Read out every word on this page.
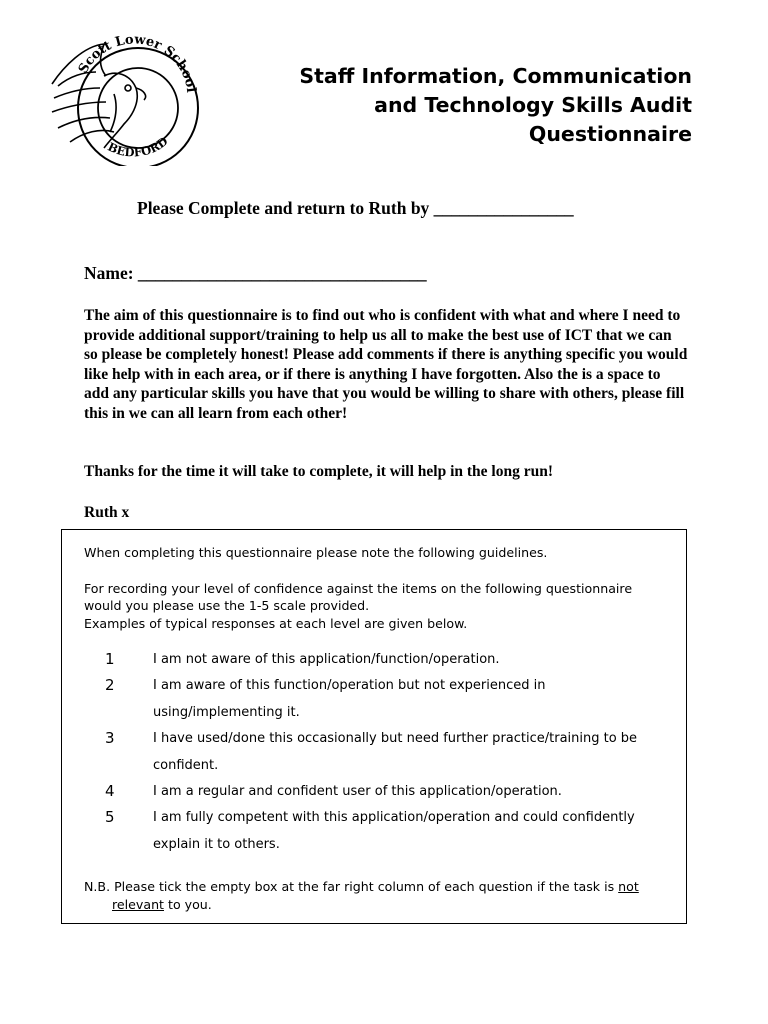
Scott Lower School
BEDFORD
Staff Information, Communication
and Technology Skills Audit
Questionnaire
Please Complete and return to Ruth by ________________
Name: _________________________________
The aim of this questionnaire is to find out who is confident with what and where I need to provide additional support/training to help us all to make the best use of ICT that we can so please be completely honest! Please add comments if there is anything specific you would like help with in each area, or if there is anything I have forgotten. Also the is a space to add any particular skills you have that you would be willing to share with others, please fill this in we can all learn from each other!
Thanks for the time it will take to complete, it will help in the long run!
Ruth x
When completing this questionnaire please note the following guidelines.
For recording your level of confidence against the items on the following questionnaire
would you please use the 1-5 scale provided.
Examples of typical responses at each level are given below.
1	I am not aware of this application/function/operation.
2	I am aware of this function/operation but not experienced in using/implementing it.
3	I have used/done this occasionally but need further practice/training to be confident.
4	I am a regular and confident user of this application/operation.
5	I am fully competent with this application/operation and could confidently explain it to others.
N.B. Please tick the empty box at the far right column of each question if the task is not
relevant to you.
